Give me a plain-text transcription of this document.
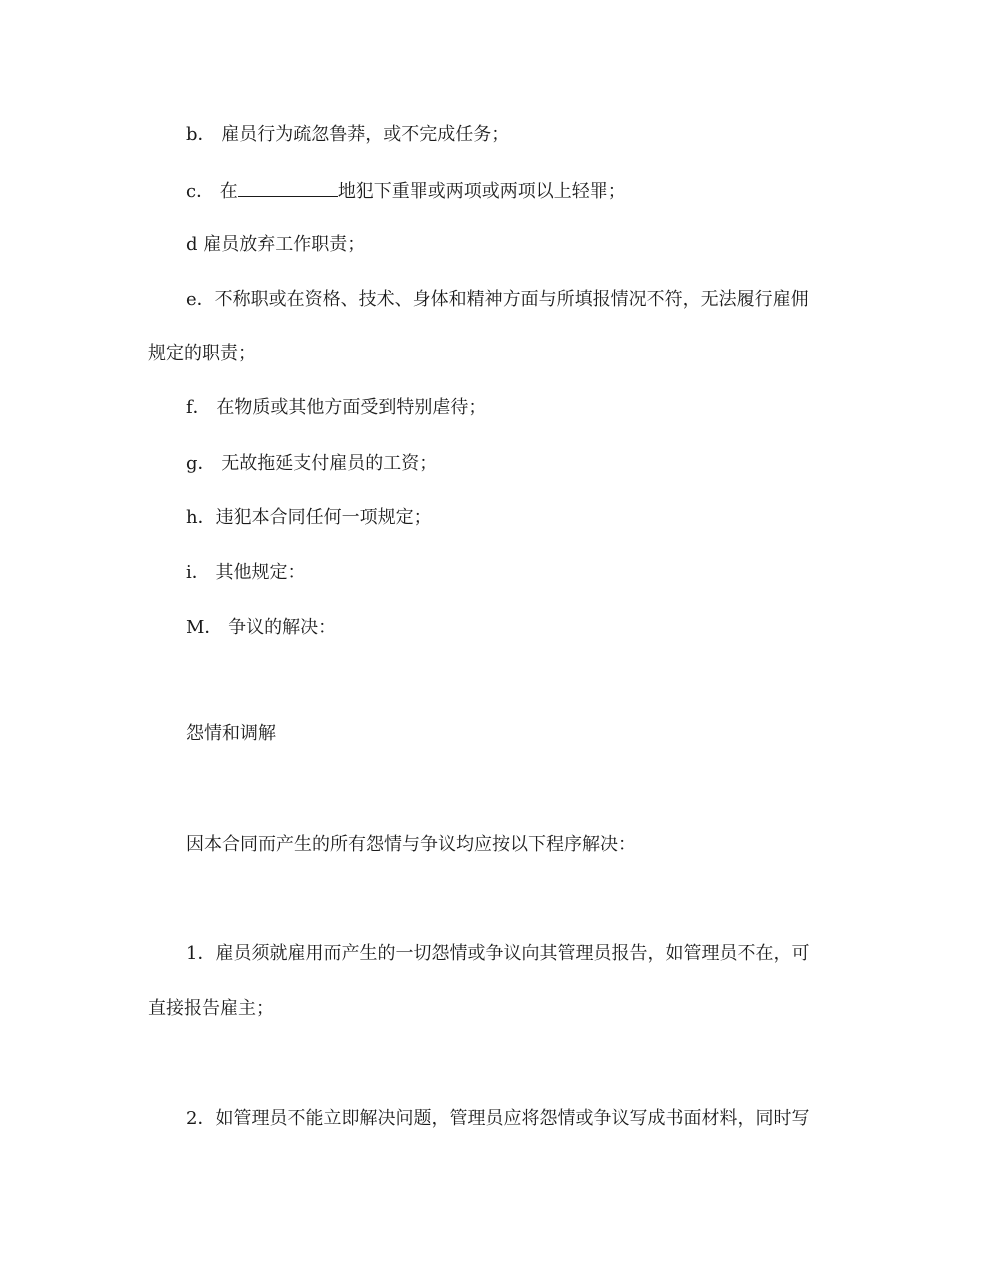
b． 雇员行为疏忽鲁莽，或不完成任务；

c． 在	地犯下重罪或两项或两项以上轻罪；

d 雇员放弃工作职责；

e．不称职或在资格、技术、身体和精神方面与所填报情况不符，无法履行雇佣

规定的职责；

f． 在物质或其他方面受到特别虐待；

g． 无故拖延支付雇员的工资；

h．违犯本合同任何一项规定；

i． 其他规定：

M． 争议的解决：

怨情和调解

因本合同而产生的所有怨情与争议均应按以下程序解决：

1．雇员须就雇用而产生的一切怨情或争议向其管理员报告，如管理员不在，可

直接报告雇主；

2．如管理员不能立即解决问题，管理员应将怨情或争议写成书面材料，同时写
